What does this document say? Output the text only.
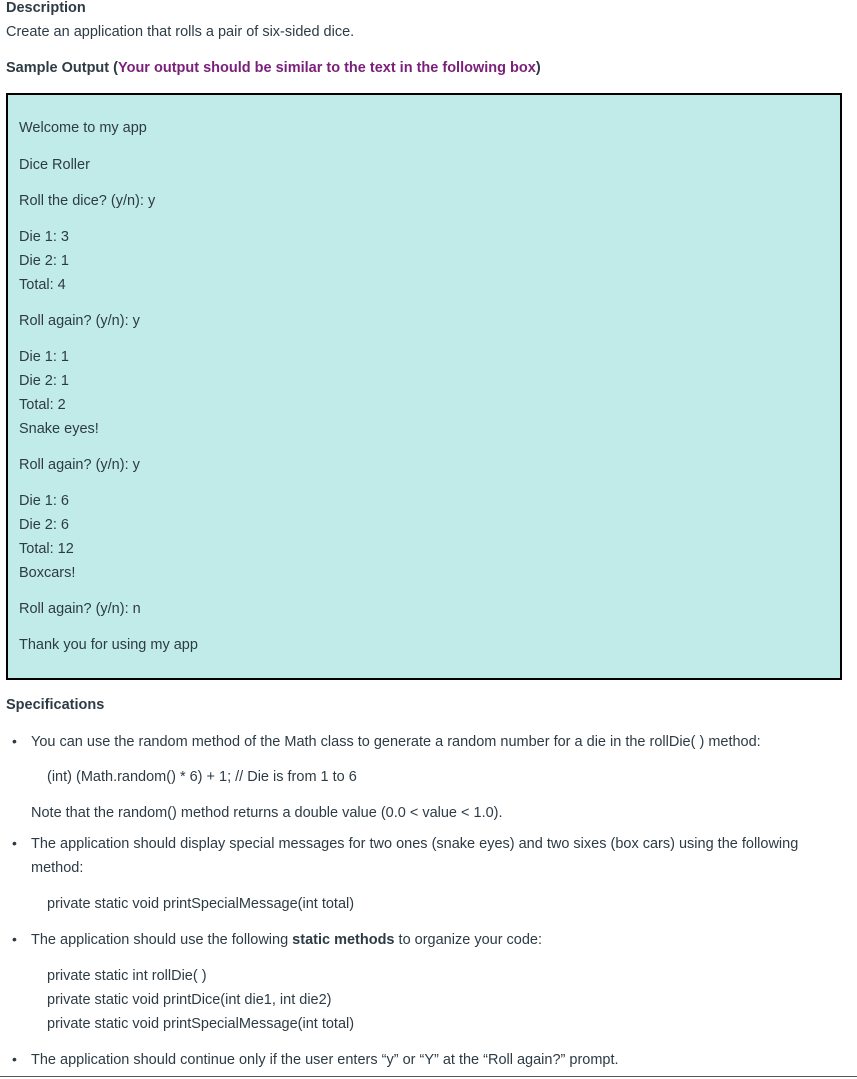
Description
Create an application that rolls a pair of six-sided dice.
Sample Output (Your output should be similar to the text in the following box)
Welcome to my app
Dice Roller
Roll the dice? (y/n): y
Die 1: 3
Die 2: 1
Total: 4
Roll again? (y/n): y
Die 1: 1
Die 2: 1
Total: 2
Snake eyes!
Roll again? (y/n): y
Die 1: 6
Die 2: 6
Total: 12
Boxcars!
Roll again? (y/n): n
Thank you for using my app
Specifications
• You can use the random method of the Math class to generate a random number for a die in the rollDie( ) method:
(int) (Math.random() * 6) + 1; // Die is from 1 to 6
Note that the random() method returns a double value (0.0 < value < 1.0).
• The application should display special messages for two ones (snake eyes) and two sixes (box cars) using the following
method:
private static void printSpecialMessage(int total)
• The application should use the following static methods to organize your code:
private static int rollDie( )
private static void printDice(int die1, int die2)
private static void printSpecialMessage(int total)
• The application should continue only if the user enters “y” or “Y” at the “Roll again?” prompt.
